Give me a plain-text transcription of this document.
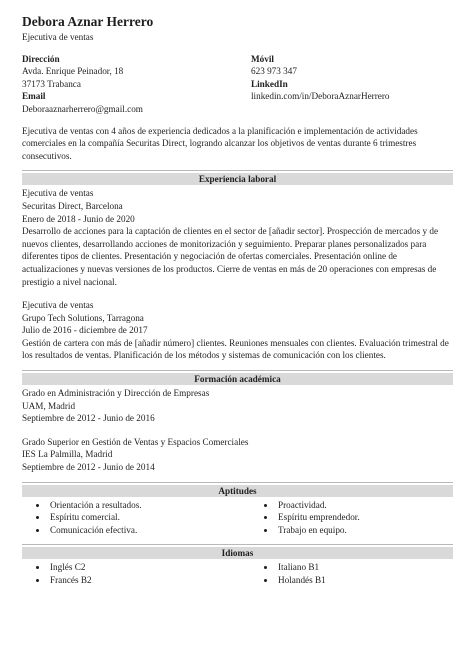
Debora Aznar Herrero
Ejecutiva de ventas
Dirección
Avda. Enrique Peinador, 18
37173 Trabanca
Email
Deboraaznarherrero@gmail.com
Móvil
623 973 347
LinkedIn
linkedin.com/in/DeboraAznarHerrero
Ejecutiva de ventas con 4 años de experiencia dedicados a la planificación e implementación de actividades comerciales en la compañía Securitas Direct, logrando alcanzar los objetivos de ventas durante 6 trimestres consecutivos.
Experiencia laboral
Ejecutiva de ventas
Securitas Direct, Barcelona
Enero de 2018 - Junio de 2020
Desarrollo de acciones para la captación de clientes en el sector de [añadir sector]. Prospección de mercados y de nuevos clientes, desarrollando acciones de monitorización y seguimiento. Preparar planes personalizados para diferentes tipos de clientes. Presentación y negociación de ofertas comerciales. Presentación online de actualizaciones y nuevas versiones de los productos. Cierre de ventas en más de 20 operaciones con empresas de prestigio a nivel nacional.
Ejecutiva de ventas
Grupo Tech Solutions, Tarragona
Julio de 2016 - diciembre de 2017
Gestión de cartera con más de [añadir número] clientes. Reuniones mensuales con clientes. Evaluación trimestral de los resultados de ventas. Planificación de los métodos y sistemas de comunicación con los clientes.
Formación académica
Grado en Administración y Dirección de Empresas
UAM, Madrid
Septiembre de 2012 - Junio de 2016
Grado Superior en Gestión de Ventas y Espacios Comerciales
IES La Palmilla, Madrid
Septiembre de 2012 - Junio de 2014
Aptitudes
Orientación a resultados.
Espíritu comercial.
Comunicación efectiva.
Proactividad.
Espíritu emprendedor.
Trabajo en equipo.
Idiomas
Inglés C2
Francés B2
Italiano B1
Holandés B1
